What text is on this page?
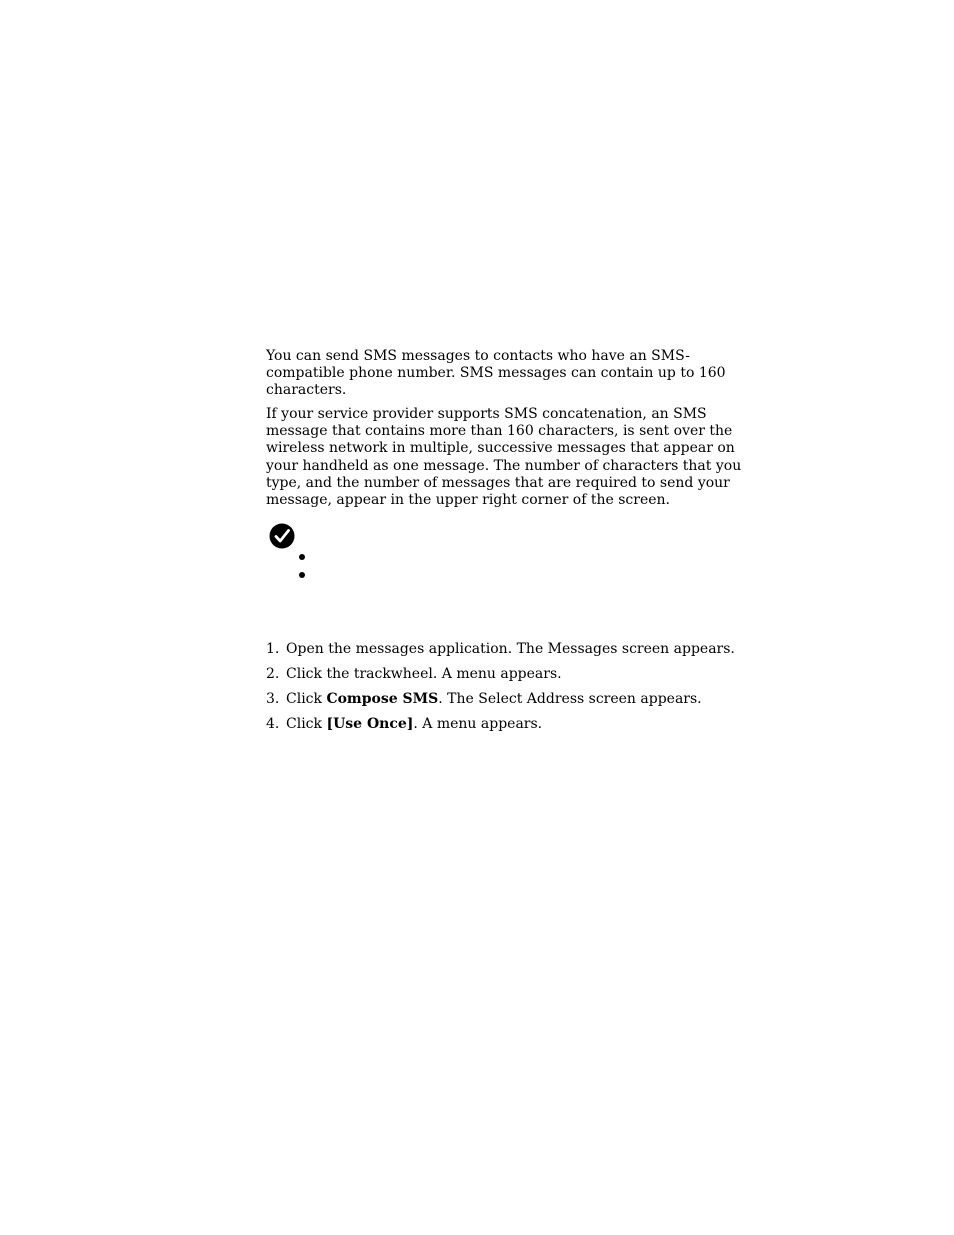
You can send SMS messages to contacts who have an SMS-
compatible phone number. SMS messages can contain up to 160
characters.

If your service provider supports SMS concatenation, an SMS
message that contains more than 160 characters, is sent over the
wireless network in multiple, successive messages that appear on
your handheld as one message. The number of characters that you
type, and the number of messages that are required to send your
message, appear in the upper right corner of the screen.

1. Open the messages application. The Messages screen appears.
2. Click the trackwheel. A menu appears.
3. Click Compose SMS. The Select Address screen appears.
4. Click [Use Once]. A menu appears.
